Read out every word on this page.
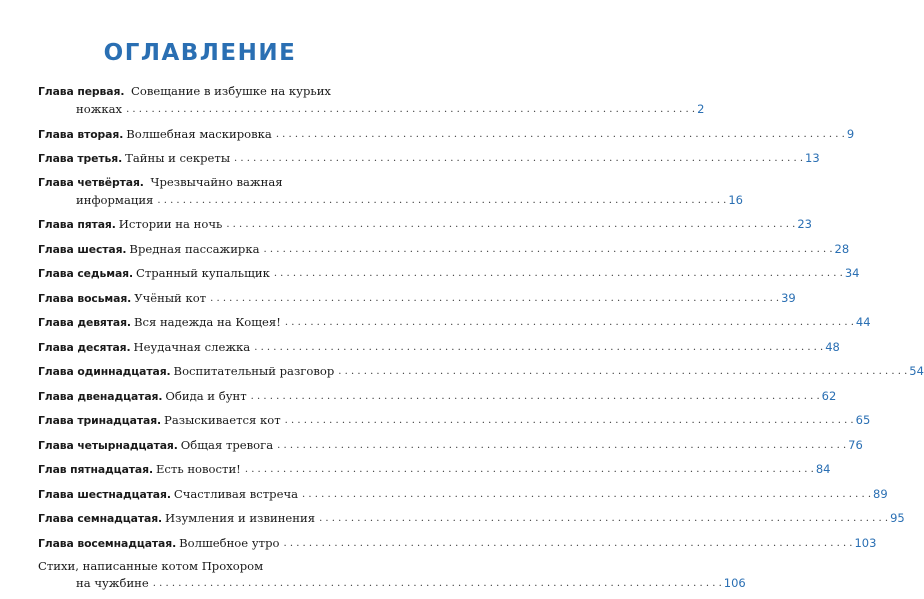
ОГЛАВЛЕНИЕ
Глава первая. Совещание в избушке на курьих
ножках . . .	2
Глава вторая. Волшебная маскировка . . .	9
Глава третья. Тайны и секреты . . .	13
Глава четвёртая. Чрезвычайно важная
информация . . .	16
Глава пятая. Истории на ночь . . .	23
Глава шестая. Вредная пассажирка . . .	28
Глава седьмая. Странный купальщик . . .	34
Глава восьмая. Учёный кот . . .	39
Глава девятая. Вся надежда на Кощея! . . .	44
Глава десятая. Неудачная слежка . . .	48
Глава одиннадцатая. Воспитательный разговор . . .	54
Глава двенадцатая. Обида и бунт . . .	62
Глава тринадцатая. Разыскивается кот . . .	65
Глава четырнадцатая. Общая тревога . . .	76
Глав пятнадцатая. Есть новости! . . .	84
Глава шестнадцатая. Счастливая встреча . . .	89
Глава семнадцатая. Изумления и извинения . . .	95
Глава восемнадцатая. Волшебное утро . . .	103
Стихи, написанные котом Прохором
на чужбине . . .	106
